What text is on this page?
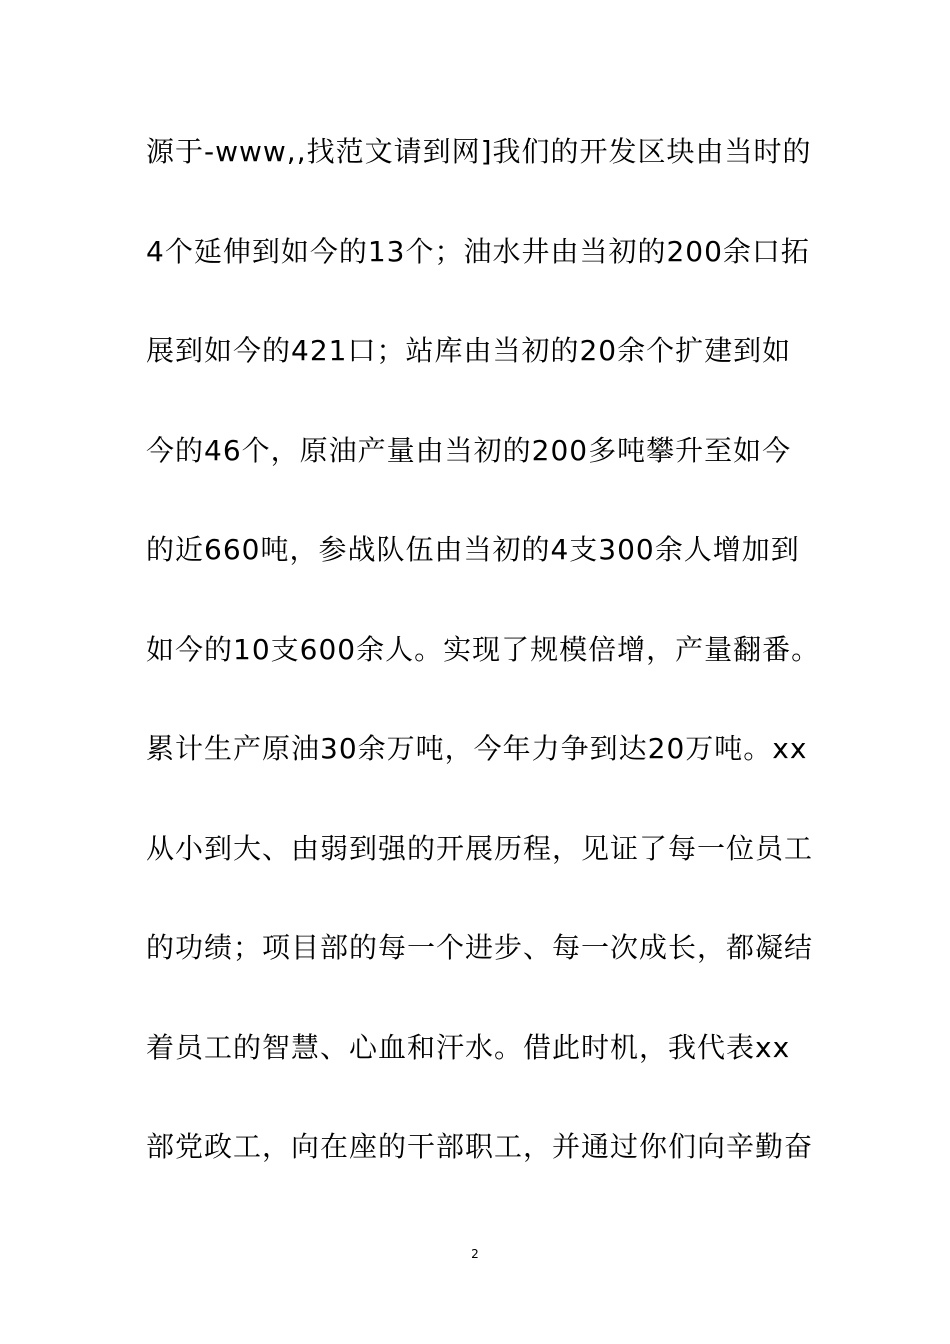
源于-www,,找范文请到网]我们的开发区块由当时的
4个延伸到如今的13个；油水井由当初的200余口拓
展到如今的421口；站库由当初的20余个扩建到如
今的46个，原油产量由当初的200多吨攀升至如今
的近660吨，参战队伍由当初的4支300余人增加到
如今的10支600余人。实现了规模倍增，产量翻番。
累计生产原油30余万吨，今年力争到达20万吨。xx
从小到大、由弱到强的开展历程，见证了每一位员工
的功绩；项目部的每一个进步、每一次成长，都凝结
着员工的智慧、心血和汗水。借此时机，我代表xx
部党政工，向在座的干部职工，并通过你们向辛勤奋
2
